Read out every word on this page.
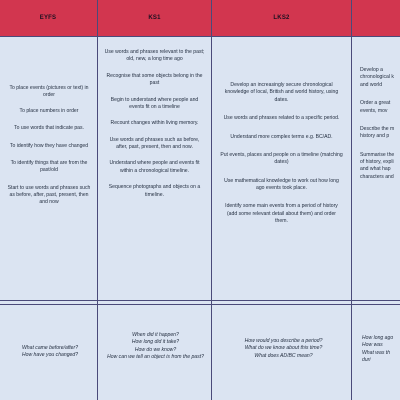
EYFS	KS1	LKS2

To place events (pictures or text) in order

To place numbers in order

To use words that indicate pas.

To identify how they have changed

To identify things that are from the past/old

Start to use words and phrases such as before, after, past, present, then and now

Use words and phrases relevant to the past; old, new, a long time ago

Recognise that some objects belong in the past

Begin to understand where people and events fit on a timeline

Recount changes within living memory.

Use words and phrases such as before, after, past, present, then and now.

Understand where people and events fit within a chronological timeline.

Sequence photographs and objects on a timeline.

Develop an increasingly secure chronological knowledge of local, British and world history, using dates.

Use words and phrases related to a specific period.

Understand more complex terms e.g. BC/AD.

Put events, places and people on a timeline (matching dates)

Use mathematical knowledge to work out how long ago events took place.

Identify some main events from a period of history (add some relevant detail about them) and order them.

Develop a
chronological k
and world

Order a great
events, mov

Describe the m
history and p

Summarise the
of history, expli
and what hap
characters and

What came before/after?

How have you changed?

When did it happen?

How long did it take?

How do we know?

How can we tell an object is from the past?

How would you describe a period?

What do we know about this time?

What does AD/BC mean?

How long ago

How was

What was th

duri
